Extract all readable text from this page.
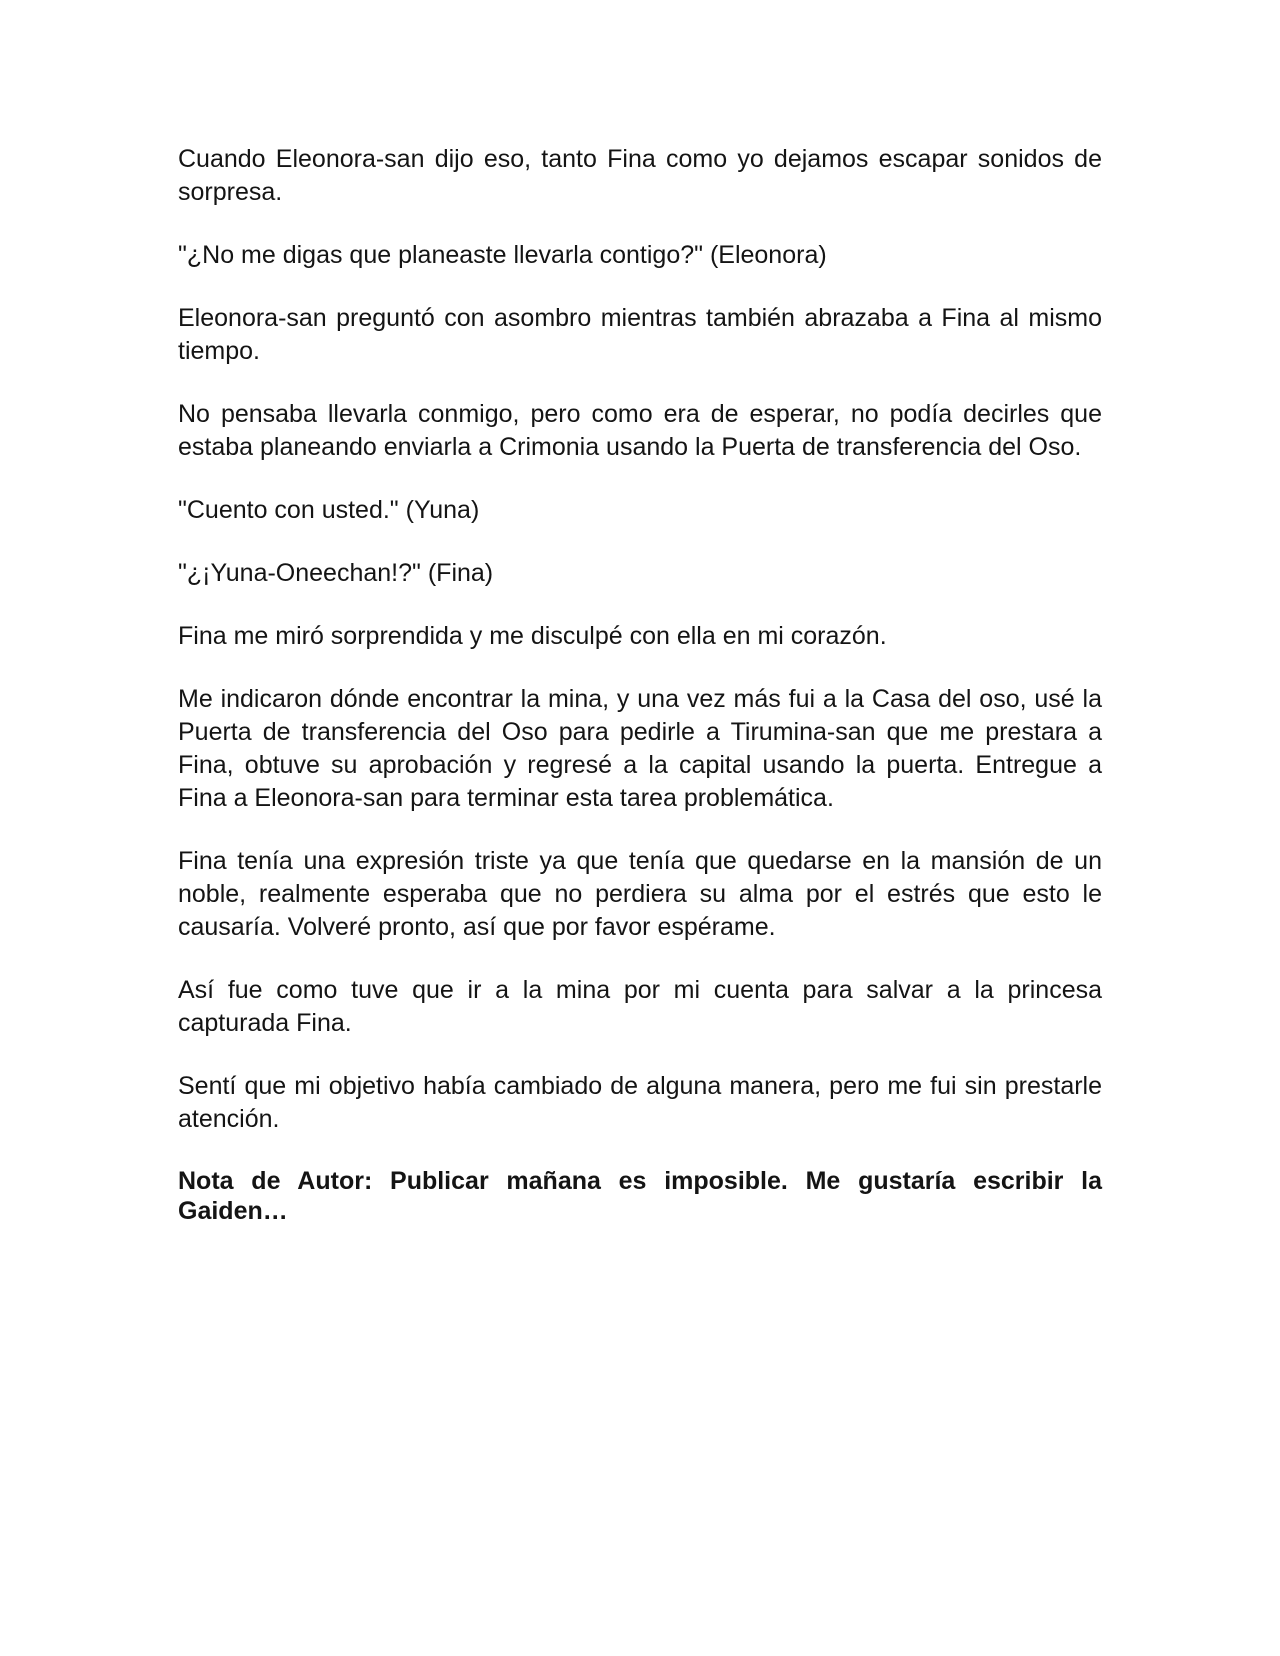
Cuando Eleonora-san dijo eso, tanto Fina como yo dejamos escapar sonidos de sorpresa.

"¿No me digas que planeaste llevarla contigo?" (Eleonora)

Eleonora-san preguntó con asombro mientras también abrazaba a Fina al mismo tiempo.

No pensaba llevarla conmigo, pero como era de esperar, no podía decirles que estaba planeando enviarla a Crimonia usando la Puerta de transferencia del Oso.

"Cuento con usted." (Yuna)

"¿¡Yuna-Oneechan!?" (Fina)

Fina me miró sorprendida y me disculpé con ella en mi corazón.

Me indicaron dónde encontrar la mina, y una vez más fui a la Casa del oso, usé la Puerta de transferencia del Oso para pedirle a Tirumina-san que me prestara a Fina, obtuve su aprobación y regresé a la capital usando la puerta. Entregue a Fina a Eleonora-san para terminar esta tarea problemática.

Fina tenía una expresión triste ya que tenía que quedarse en la mansión de un noble, realmente esperaba que no perdiera su alma por el estrés que esto le causaría. Volveré pronto, así que por favor espérame.

Así fue como tuve que ir a la mina por mi cuenta para salvar a la princesa capturada Fina.

Sentí que mi objetivo había cambiado de alguna manera, pero me fui sin prestarle atención.

Nota de Autor: Publicar mañana es imposible. Me gustaría escribir la Gaiden…
